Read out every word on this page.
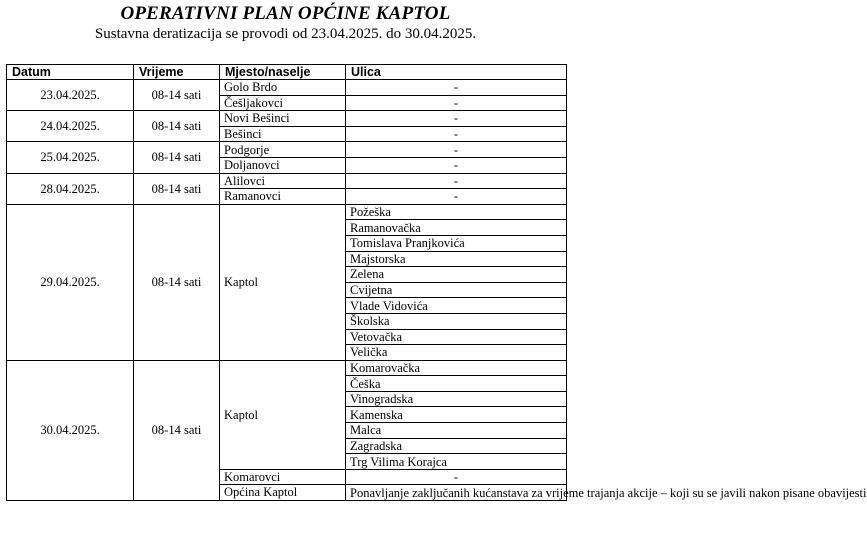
OPERATIVNI PLAN OPĆINE KAPTOL
Sustavna deratizacija se provodi od 23.04.2025. do 30.04.2025.
Datum	Vrijeme	Mjesto/naselje	Ulica
23.04.2025.	08-14 sati	Golo Brdo	-
		Češljakovci	-
24.04.2025.	08-14 sati	Novi Bešinci	-
		Bešinci	-
25.04.2025.	08-14 sati	Podgorje	-
		Doljanovci	-
28.04.2025.	08-14 sati	Alilovci	-
		Ramanovci	-
29.04.2025.	08-14 sati	Kaptol	Požeška
			Ramanovačka
			Tomislava Pranjkovića
			Majstorska
			Zelena
			Cvijetna
			Vlade Vidovića
			Školska
			Vetovačka
			Velička
30.04.2025.	08-14 sati	Kaptol	Komarovačka
			Češka
			Vinogradska
			Kamenska
			Malca
			Zagradska
			Trg Vilima Korajca
		Komarovci	-
		Općina Kaptol	Ponavljanje zaključanih kućanstava za vrijeme trajanja akcije – koji su se javili nakon pisane obavijesti
